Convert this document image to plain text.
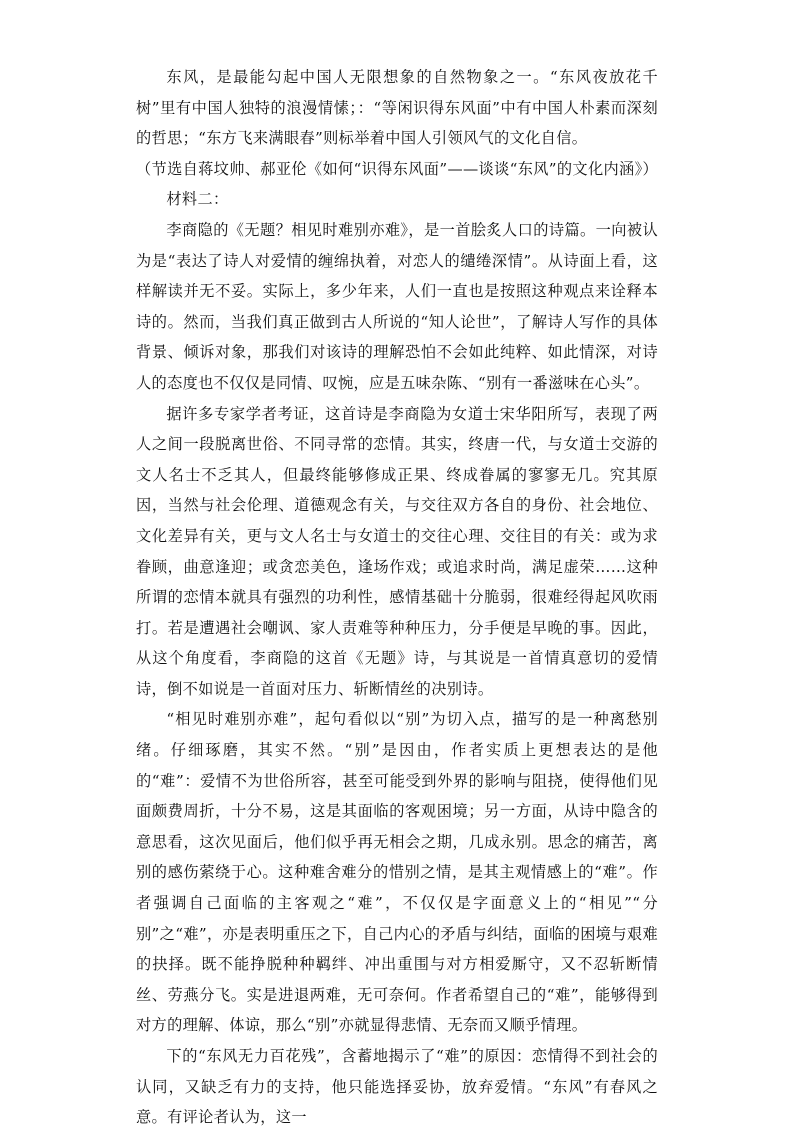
东风，是最能勾起中国人无限想象的自然物象之一。“东风夜放花千树”里有中国人独特的浪漫情愫；：“等闲识得东风面”中有中国人朴素而深刻的哲思；“东方飞来满眼春”则标举着中国人引领风气的文化自信。

（节选自蒋坟帅、郝亚伦《如何“识得东风面”——谈谈“东风”的文化内涵》）

材料二：

李商隐的《无题？相见时难别亦难》，是一首脍炙人口的诗篇。一向被认为是“表达了诗人对爱情的缠绵执着，对恋人的缱绻深情”。从诗面上看，这样解读并无不妥。实际上，多少年来，人们一直也是按照这种观点来诠释本诗的。然而，当我们真正做到古人所说的“知人论世”，了解诗人写作的具体背景、倾诉对象，那我们对该诗的理解恐怕不会如此纯粹、如此情深，对诗人的态度也不仅仅是同情、叹惋，应是五味杂陈、“别有一番滋味在心头”。

据许多专家学者考证，这首诗是李商隐为女道士宋华阳所写，表现了两人之间一段脱离世俗、不同寻常的恋情。其实，终唐一代，与女道士交游的文人名士不乏其人，但最终能够修成正果、终成眷属的寥寥无几。究其原因，当然与社会伦理、道德观念有关，与交往双方各自的身份、社会地位、文化差异有关，更与文人名士与女道士的交往心理、交往目的有关：或为求眷顾，曲意逢迎；或贪恋美色，逢场作戏；或追求时尚，满足虚荣……这种所谓的恋情本就具有强烈的功利性，感情基础十分脆弱，很难经得起风吹雨打。若是遭遇社会嘲讽、家人责难等种种压力，分手便是早晚的事。因此，从这个角度看，李商隐的这首《无题》诗，与其说是一首情真意切的爱情诗，倒不如说是一首面对压力、斩断情丝的决别诗。

“相见时难别亦难”，起句看似以“别”为切入点，描写的是一种离愁别绪。仔细琢磨，其实不然。“别”是因由，作者实质上更想表达的是他的“难”：爱情不为世俗所容，甚至可能受到外界的影响与阻挠，使得他们见面颇费周折，十分不易，这是其面临的客观困境；另一方面，从诗中隐含的意思看，这次见面后，他们似乎再无相会之期，几成永别。思念的痛苦，离别的感伤萦绕于心。这种难舍难分的惜别之情，是其主观情感上的“难”。作者强调自己面临的主客观之“难”，不仅仅是字面意义上的“相见”“分别”之“难”，亦是表明重压之下，自己内心的矛盾与纠结，面临的困境与艰难的抉择。既不能挣脱种种羁绊、冲出重围与对方相爱厮守，又不忍斩断情丝、劳燕分飞。实是进退两难，无可奈何。作者希望自己的“难”，能够得到对方的理解、体谅，那么“别”亦就显得悲情、无奈而又顺乎情理。

下的“东风无力百花残”，含蓄地揭示了“难”的原因：恋情得不到社会的认同，又缺乏有力的支持，他只能选择妥协，放弃爱情。“东风”有春风之意。有评论者认为，这一
